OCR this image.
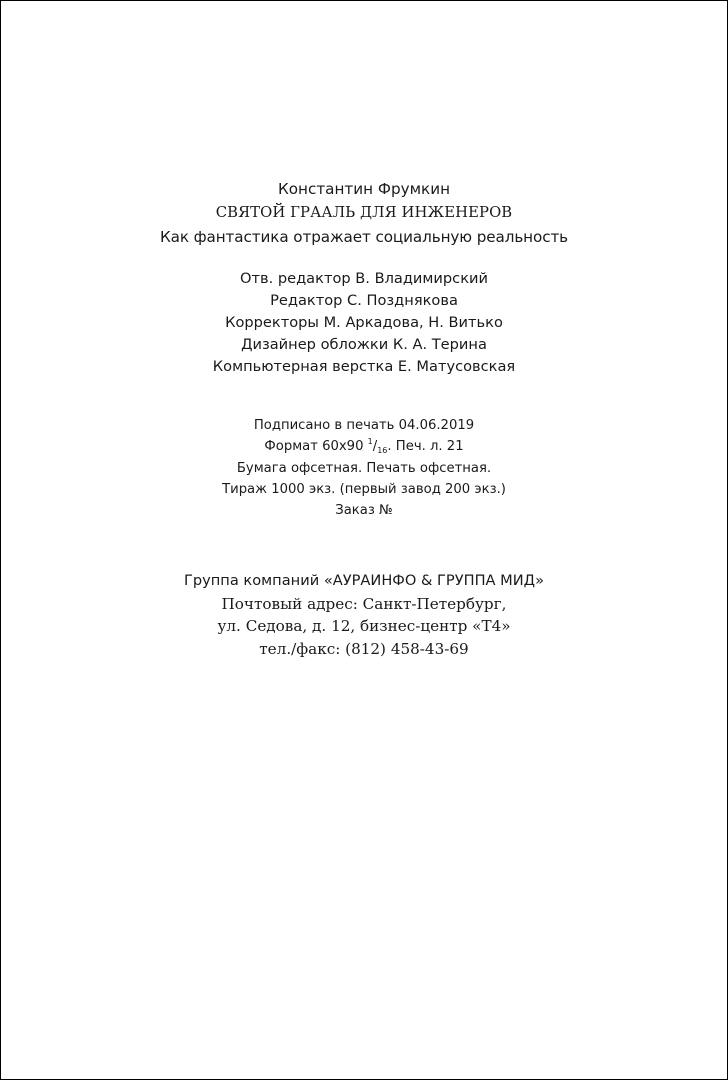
Константин Фрумкин
СВЯТОЙ ГРААЛЬ ДЛЯ ИНЖЕНЕРОВ
Как фантастика отражает социальную реальность
Отв. редактор В. Владимирский
Редактор С. Позднякова
Корректоры М. Аркадова, Н. Витько
Дизайнер обложки К. А. Терина
Компьютерная верстка Е. Матусовская
Подписано в печать 04.06.2019
Формат 60х90 1/16. Печ. л. 21
Бумага офсетная. Печать офсетная.
Тираж 1000 экз. (первый завод 200 экз.)
Заказ №
Группа компаний «АУРАИНФО & ГРУППА МИД»
Почтовый адрес: Санкт-Петербург,
ул. Седова, д. 12, бизнес-центр «Т4»
тел./факс: (812) 458-43-69
